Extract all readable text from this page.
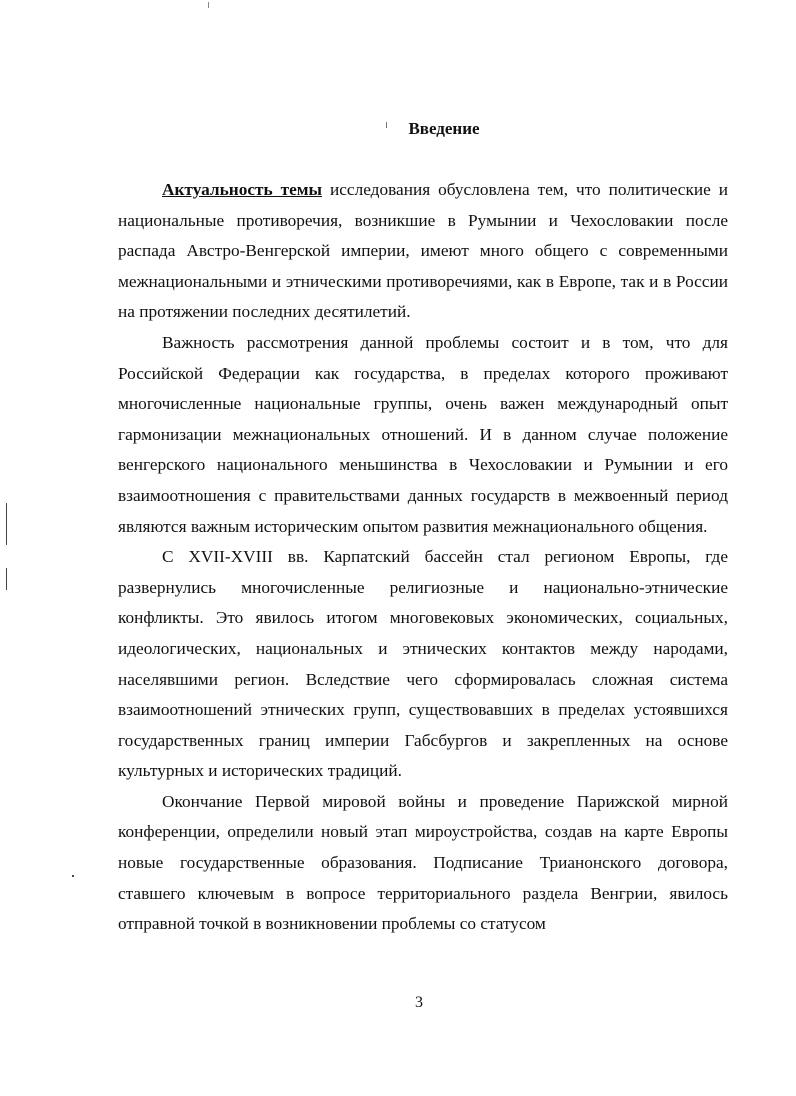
Введение

Актуальность темы исследования обусловлена тем, что политические и национальные противоречия, возникшие в Румынии и Чехословакии после распада Австро-Венгерской империи, имеют много общего с современными межнациональными и этническими противоречиями, как в Европе, так и в России на протяжении последних десятилетий.

Важность рассмотрения данной проблемы состоит и в том, что для Российской Федерации как государства, в пределах которого проживают многочисленные национальные группы, очень важен международный опыт гармонизации межнациональных отношений. И в данном случае положение венгерского национального меньшинства в Чехословакии и Румынии и его взаимоотношения с правительствами данных государств в межвоенный период являются важным историческим опытом развития межнационального общения.

С XVII-XVIII вв. Карпатский бассейн стал регионом Европы, где развернулись многочисленные религиозные и национально-этнические конфликты. Это явилось итогом многовековых экономических, социальных, идеологических, национальных и этнических контактов между народами, населявшими регион. Вследствие чего сформировалась сложная система взаимоотношений этнических групп, существовавших в пределах устоявшихся государственных границ империи Габсбургов и закрепленных на основе культурных и исторических традиций.

Окончание Первой мировой войны и проведение Парижской мирной конференции, определили новый этап мироустройства, создав на карте Европы новые государственные образования. Подписание Трианонского договора, ставшего ключевым в вопросе территориального раздела Венгрии, явилось отправной точкой в возникновении проблемы со статусом

3
